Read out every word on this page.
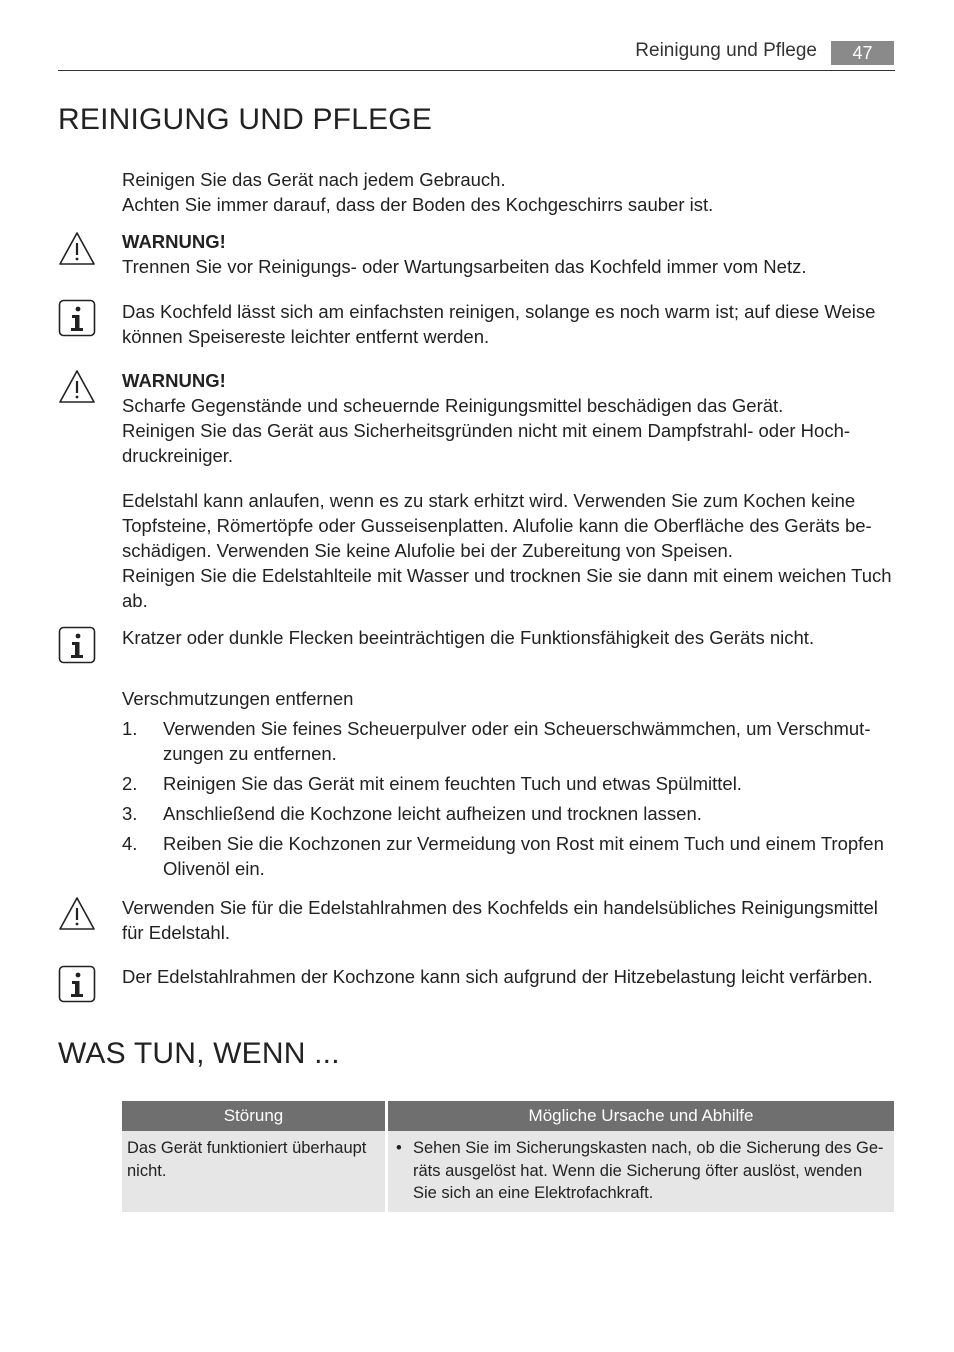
Reinigung und Pflege	47
REINIGUNG UND PFLEGE

Reinigen Sie das Gerät nach jedem Gebrauch.

Achten Sie immer darauf, dass der Boden des Kochgeschirrs sauber ist.

WARNUNG!

Trennen Sie vor Reinigungs- oder Wartungsarbeiten das Kochfeld immer vom Netz.

Das Kochfeld lässt sich am einfachsten reinigen, solange es noch warm ist; auf diese Weise können Speisereste leichter entfernt werden.

WARNUNG!

Scharfe Gegenstände und scheuernde Reinigungsmittel beschädigen das Gerät.

Reinigen Sie das Gerät aus Sicherheitsgründen nicht mit einem Dampfstrahl- oder Hochdruckreiniger.

Edelstahl kann anlaufen, wenn es zu stark erhitzt wird. Verwenden Sie zum Kochen keine Topfsteine, Römertöpfe oder Gusseisenplatten. Alufolie kann die Oberfläche des Geräts beschädigen. Verwenden Sie keine Alufolie bei der Zubereitung von Speisen.

Reinigen Sie die Edelstahlteile mit Wasser und trocknen Sie sie dann mit einem weichen Tuch ab.

Kratzer oder dunkle Flecken beeinträchtigen die Funktionsfähigkeit des Geräts nicht.

Verschmutzungen entfernen

1. Verwenden Sie feines Scheuerpulver oder ein Scheuerschwämmchen, um Verschmutzungen zu entfernen.
2. Reinigen Sie das Gerät mit einem feuchten Tuch und etwas Spülmittel.
3. Anschließend die Kochzone leicht aufheizen und trocknen lassen.
4. Reiben Sie die Kochzonen zur Vermeidung von Rost mit einem Tuch und einem Tropfen Olivenöl ein.

Verwenden Sie für die Edelstahlrahmen des Kochfelds ein handelsübliches Reinigungsmittel für Edelstahl.

Der Edelstahlrahmen der Kochzone kann sich aufgrund der Hitzebelastung leicht verfärben.

WAS TUN, WENN ...
Störung	Mögliche Ursache und Abhilfe
Das Gerät funktioniert überhaupt nicht.	• Sehen Sie im Sicherungskasten nach, ob die Sicherung des Geräts ausgelöst hat. Wenn die Sicherung öfter auslöst, wenden Sie sich an eine Elektrofachkraft.
